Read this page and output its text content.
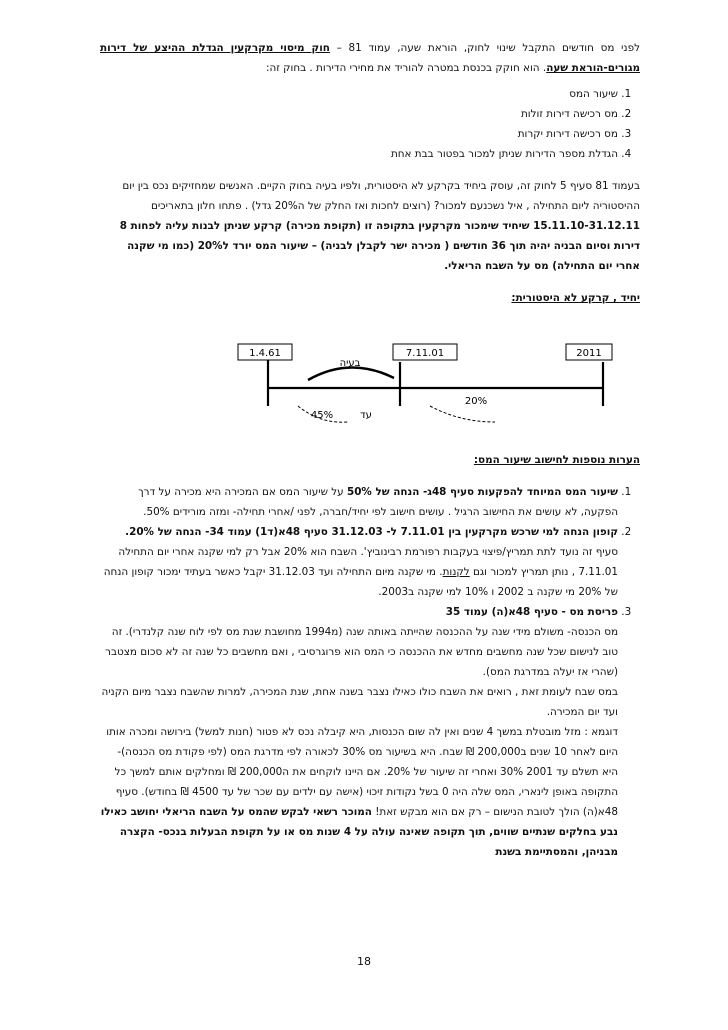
לפני מס חודשים התקבל שינוי לחוק, הוראת שעה, עמוד 81 – חוק מיסוי מקרקעין הגדלת ההיצע של דירות מגורים-הוראת שעה. הוא חוקק בכנסת במטרה להוריד את מחירי הדירות . בחוק זה:

1. שיעור המס
2. מס רכישה דירות זולות
3. מס רכישה דירות יקרות
4. הגדלת מספר הדירות שניתן למכור בפטור בבת אחת

בעמוד 81 סעיף 5 לחוק זה, עוסק ביחיד בקרקע לא היסטורית, ולפיו בעיה בחוק הקיים. האנשים שמחזיקים נכס בין יום ההיסטוריה ליום התחילה , איל נשכנעם למכור? (רוצים לחכות ואז החלק של ה20% גדל) . פתחו חלון בתאריכים 15.11.10-31.12.11 שיחיד שימכור מקרקעין בתקופה זו (תקופת מכירה) קרקע שניתן לבנות עליה לפחות 8 דירות וסיום הבניה יהיה תוך 36 חודשים ( מכירה ישר לקבלן לבניה) – שיעור המס יורד ל20% (כמו מי שקנה אחרי יום התחילה) מס על השבח הריאלי.

יחיד , קרקע לא היסטורית:

1.4.61	7.11.01	2011
בעיה
45%	עד
20%

הערות נוספות לחישוב שיעור המס:

1. שיעור המס המיוחד להפקעות סעיף 48ג- הנחה של 50% על שיעור המס אם המכירה היא מכירה על דרך הפקעה, לא עושים את החישוב הרגיל . עושים חישוב לפי יחיד/חברה, לפני /אחרי תחילה- ומזה מורידים 50%.
2. קופון הנחה למי שרכש מקרקעין בין 7.11.01 ל- 31.12.03 סעיף 48א(ד1) עמוד 34- הנחה של 20%. סעיף זה נועד לתת תמריץ/פיצוי בעקבות רפורמת רבינוביץ'. השבח הוא 20% אבל רק למי שקנה אחרי יום התחילה 7.11.01 , נותן תמריץ למכור וגם לקנות. מי שקנה מיום התחילה ועד 31.12.03 יקבל כאשר בעתיד ימכור קופון הנחה של 20% מי שקנה ב 2002 ו 10% למי שקנה ב2003.
3. פריסת מס - סעיף 48א(ה) עמוד 35
מס הכנסה- משולם מידי שנה על ההכנסה שהייתה באותה שנה (מ1994 מחושבת שנת מס לפי לוח שנה קלנדרי). זה טוב לנישום שכל שנה מחשבים מחדש את ההכנסה כי המס הוא פרוגרסיבי , ואם מחשבים כל שנה זה לא סכום מצטבר (שהרי אז יעלה במדרגת המס).
במס שבח לעומת זאת , רואים את השבח כולו כאילו נצבר בשנה אחת, שנת המכירה, למרות שהשבח נצבר מיום הקניה ועד יום המכירה.
דוגמא : מזל מובטלת במשך 4 שנים ואין לה שום הכנסות, היא קיבלה נכס לא פטור (חנות למשל) בירושה ומכרה אותו היום לאחר 10 שנים ב200,000 ₪ שבח. היא בשיעור מס 30% לכאורה לפי מדרגת המס (לפי פקודת מס הכנסה)- היא תשלם עד 2001 30% ואחרי זה שיעור של 20%. אם היינו לוקחים את ה200,000 ₪ ומחלקים אותם למשך כל התקופה באופן לינארי, המס שלה היה 0 בשל נקודות זיכוי (אישה עם ילדים עם שכר של עד 4500 ₪ בחודש). סעיף 48א(ה) הולך לטובת הנישום – רק אם הוא מבקש זאת! המוכר רשאי לבקש שהמס על השבח הריאלי יחושב כאילו נבע בחלקים שנתיים שווים, תוך תקופה שאינה עולה על 4 שנות מס או על תקופת הבעלות בנכס- הקצרה מבניהן, והמסתיימת בשנת
18
